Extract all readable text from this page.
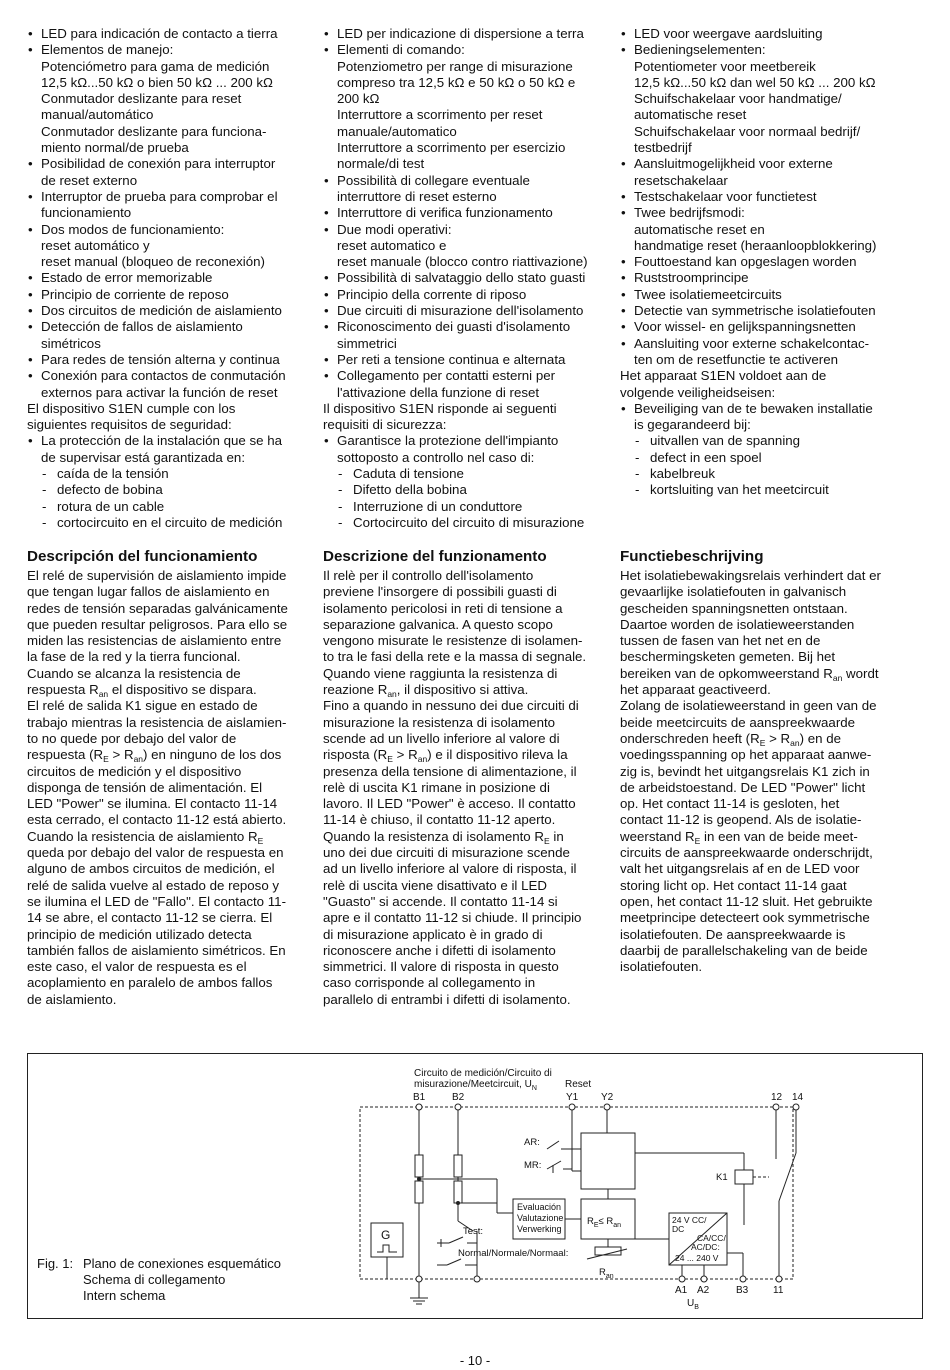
• LED para indicación de contacto a tierra
• Elementos de manejo:
Potenciómetro para gama de medición
12,5 kΩ...50 kΩ o bien 50 kΩ ... 200 kΩ
Conmutador deslizante para reset
manual/automático
Conmutador deslizante para funciona-
miento normal/de prueba
• Posibilidad de conexión para interruptor
de reset externo
• Interruptor de prueba para comprobar el
funcionamiento
• Dos modos de funcionamiento:
reset automático y
reset manual (bloqueo de reconexión)
• Estado de error memorizable
• Principio de corriente de reposo
• Dos circuitos de medición de aislamiento
• Detección de fallos de aislamiento
simétricos
• Para redes de tensión alterna y continua
• Conexión para contactos de conmutación
externos para activar la función de reset
El dispositivo S1EN cumple con los
siguientes requisitos de seguridad:
• La protección de la instalación que se ha
de supervisar está garantizada en:
- caída de la tensión
- defecto de bobina
- rotura de un cable
- cortocircuito en el circuito de medición
• LED per indicazione di dispersione a terra
• Elementi di comando:
Potenziometro per range di misurazione
compreso tra 12,5 kΩ e 50 kΩ o 50 kΩ e
200 kΩ
Interruttore a scorrimento per reset
manuale/automatico
Interruttore a scorrimento per esercizio
normale/di test
• Possibilità di collegare eventuale
interruttore di reset esterno
• Interruttore di verifica funzionamento
• Due modi operativi:
reset automatico e
reset manuale (blocco contro riattivazione)
• Possibilità di salvataggio dello stato guasti
• Principio della corrente di riposo
• Due circuiti di misurazione dell'isolamento
• Riconoscimento dei guasti d'isolamento
simmetrici
• Per reti a tensione continua e alternata
• Collegamento per contatti esterni per
l'attivazione della funzione di reset
Il dispositivo S1EN risponde ai seguenti
requisiti di sicurezza:
• Garantisce la protezione dell'impianto
sottoposto a controllo nel caso di:
- Caduta di tensione
- Difetto della bobina
- Interruzione di un conduttore
- Cortocircuito del circuito di misurazione
• LED voor weergave aardsluiting
• Bedieningselementen:
Potentiometer voor meetbereik
12,5 kΩ...50 kΩ dan wel 50 kΩ ... 200 kΩ
Schuifschakelaar voor handmatige/
automatische reset
Schuifschakelaar voor normaal bedrijf/
testbedrijf
• Aansluitmogelijkheid voor externe
resetschakelaar
• Testschakelaar voor functietest
• Twee bedrijfsmodi:
automatische reset en
handmatige reset (heraanloopblokkering)
• Fouttoestand kan opgeslagen worden
• Ruststroomprincipe
• Twee isolatiemeetcircuits
• Detectie van symmetrische isolatiefouten
• Voor wissel- en gelijkspanningsnetten
• Aansluiting voor externe schakelcontac-
ten om de resetfunctie te activeren
Het apparaat S1EN voldoet aan de
volgende veiligheidseisen:
• Beveiliging van de te bewaken installatie
is gegarandeerd bij:
- uitvallen van de spanning
- defect in een spoel
- kabelbreuk
- kortsluiting van het meetcircuit
Descripción del funcionamiento	Descrizione del funzionamento	Functiebeschrijving
El relé de supervisión de aislamiento impide
que tengan lugar fallos de aislamiento en
redes de tensión separadas galvánicamente
que pueden resultar peligrosos. Para ello se
miden las resistencias de aislamiento entre
la fase de la red y la tierra funcional.
Cuando se alcanza la resistencia de
respuesta $R_{an}$ el dispositivo se dispara.
El relé de salida K1 sigue en estado de
trabajo mientras la resistencia de aislamien-
to no quede por debajo del valor de
respuesta $(R_E > R_{an})$ en ninguno de los dos
circuitos de medición y el dispositivo
disponga de tensión de alimentación. El
LED "Power" se ilumina. El contacto 11-14
esta cerrado, el contacto 11-12 está abierto.
Cuando la resistencia de aislamiento $R_E$
queda por debajo del valor de respuesta en
alguno de ambos circuitos de medición, el
relé de salida vuelve al estado de reposo y
se ilumina el LED de "Fallo". El contacto 11-
14 se abre, el contacto 11-12 se cierra. El
principio de medición utilizado detecta
también fallos de aislamiento simétricos. En
este caso, el valor de respuesta es el
acoplamiento en paralelo de ambos fallos
de aislamiento.
Il relè per il controllo dell'isolamento
previene l'insorgere di possibili guasti di
isolamento pericolosi in reti di tensione a
separazione galvanica. A questo scopo
vengono misurate le resistenze di isolamen-
to tra le fasi della rete e la massa di segnale.
Quando viene raggiunta la resistenza di
reazione $R_{an}$, il dispositivo si attiva.
Fino a quando in nessuno dei due circuiti di
misurazione la resistenza di isolamento
scende ad un livello inferiore al valore di
risposta $(R_E > R_{an})$ e il dispositivo rileva la
presenza della tensione di alimentazione, il
relè di uscita K1 rimane in posizione di
lavoro. Il LED "Power" è acceso. Il contatto
11-14 è chiuso, il contatto 11-12 aperto.
Quando la resistenza di isolamento $R_E$ in
uno dei due circuiti di misurazione scende
ad un livello inferiore al valore di risposta, il
relè di uscita viene disattivato e il LED
"Guasto" si accende. Il contatto 11-14 si
apre e il contatto 11-12 si chiude. Il principio
di misurazione applicato è in grado di
riconoscere anche i difetti di isolamento
simmetrici. Il valore di risposta in questo
caso corrisponde al collegamento in
parallelo di entrambi i difetti di isolamento.
Het isolatiebewakingsrelais verhindert dat er
gevaarlijke isolatiefouten in galvanisch
gescheiden spanningsnetten ontstaan.
Daartoe worden de isolatieweerstanden
tussen de fasen van het net en de
beschermingsketen gemeten. Bij het
bereiken van de opkomweerstand $R_{an}$ wordt
het apparaat geactiveerd.
Zolang de isolatieweerstand in geen van de
beide meetcircuits de aanspreekwaarde
onderschreden heeft $(R_E > R_{an})$ en de
voedingsspanning op het apparaat aanwe-
zig is, bevindt het uitgangsrelais K1 zich in
de arbeidstoestand. De LED "Power" licht
op. Het contact 11-14 is gesloten, het
contact 11-12 is geopend. Als de isolatie-
weerstand $R_E$ in een van de beide meet-
circuits de aanspreekwaarde onderschrijdt,
valt het uitgangsrelais af en de LED voor
storing licht op. Het contact 11-14 gaat
open, het contact 11-12 sluit. Het gebruikte
meetprincipe detecteert ook symmetrische
isolatiefouten. De aanspreekwaarde is
daarbij de parallelschakeling van de beide
isolatiefouten.
Fig. 1: Plano de conexiones esquemático
Schema di collegamento
Intern schema
Circuito de medición/Circuito di
misurazione/Meetcircuit, $U_N$	Reset
B1	B2	Y1 Y2	12 14
G	Test:
Normal/Normale/Normaal:
Evaluación
Valutazione
Verwerking
AR:
MR:
$R_E\le R_{an}$
$R_{an}$
K1
24 V CC/
DC
CA/CC/
AC/DC:
24 ... 240 V
A1 A2	B3 11
$U_B$
- 10 -
